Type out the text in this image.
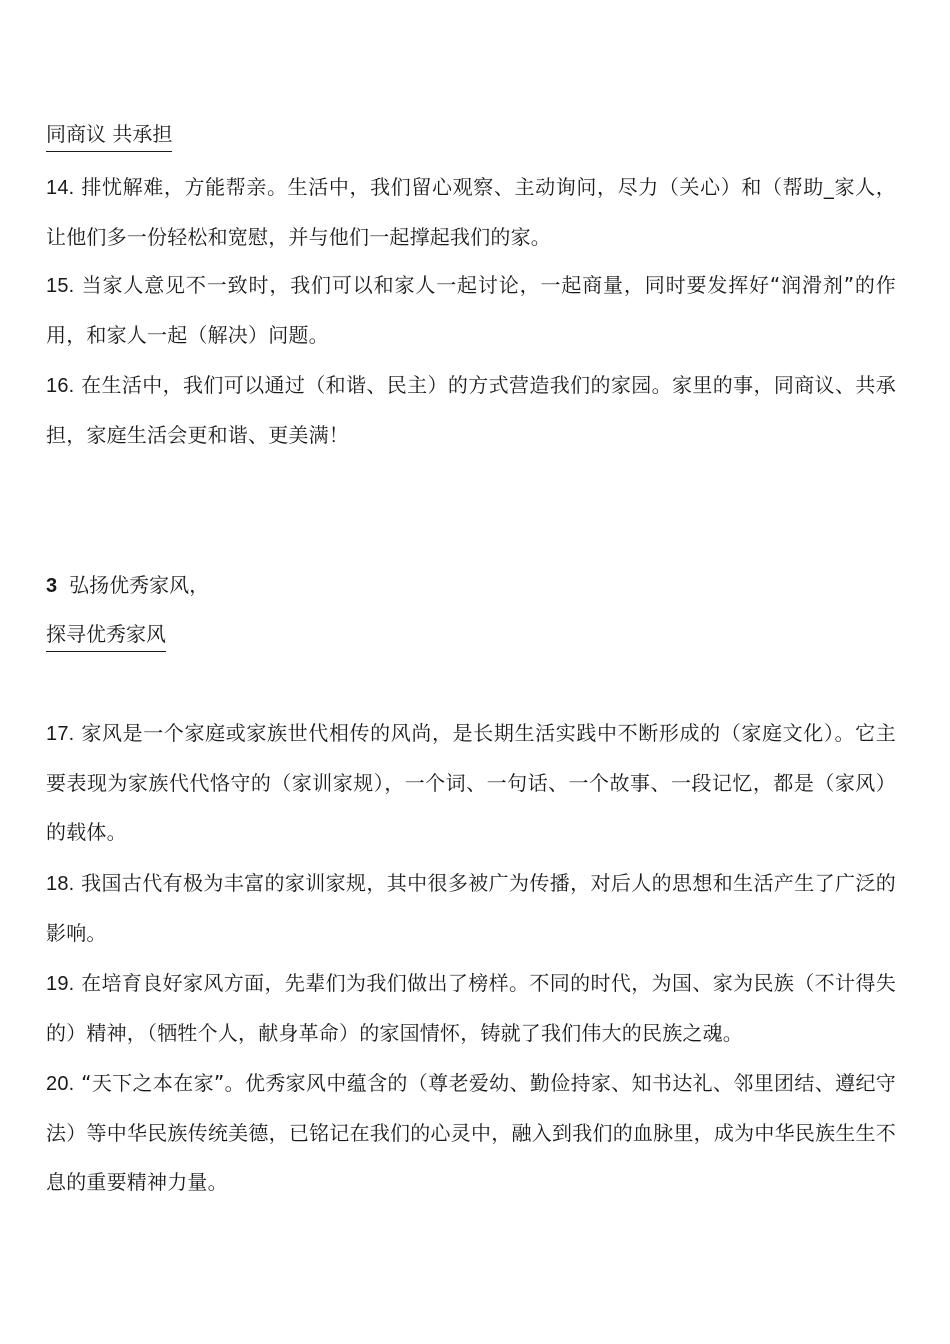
同商议 共承担
14. 排忧解难，方能帮亲。生活中，我们留心观察、主动询问，尽力（关心）和（帮助_家人，让他们多一份轻松和宽慰，并与他们一起撑起我们的家。
15. 当家人意见不一致时，我们可以和家人一起讨论，一起商量，同时要发挥好“润滑剂”的作用，和家人一起（解决）问题。
16. 在生活中，我们可以通过（和谐、民主）的方式营造我们的家园。家里的事，同商议、共承担，家庭生活会更和谐、更美满！
3 弘扬优秀家风，
探寻优秀家风
17. 家风是一个家庭或家族世代相传的风尚，是长期生活实践中不断形成的（家庭文化）。它主要表现为家族代代恪守的（家训家规），一个词、一句话、一个故事、一段记忆，都是（家风）的载体。
18. 我国古代有极为丰富的家训家规，其中很多被广为传播，对后人的思想和生活产生了广泛的影响。
19. 在培育良好家风方面，先辈们为我们做出了榜样。不同的时代，为国、家为民族（不计得失的）精神，（牺牲个人，献身革命）的家国情怀，铸就了我们伟大的民族之魂。
20. “天下之本在家”。优秀家风中蕴含的（尊老爱幼、勤俭持家、知书达礼、邻里团结、遵纪守法）等中华民族传统美德，已铭记在我们的心灵中，融入到我们的血脉里，成为中华民族生生不息的重要精神力量。
